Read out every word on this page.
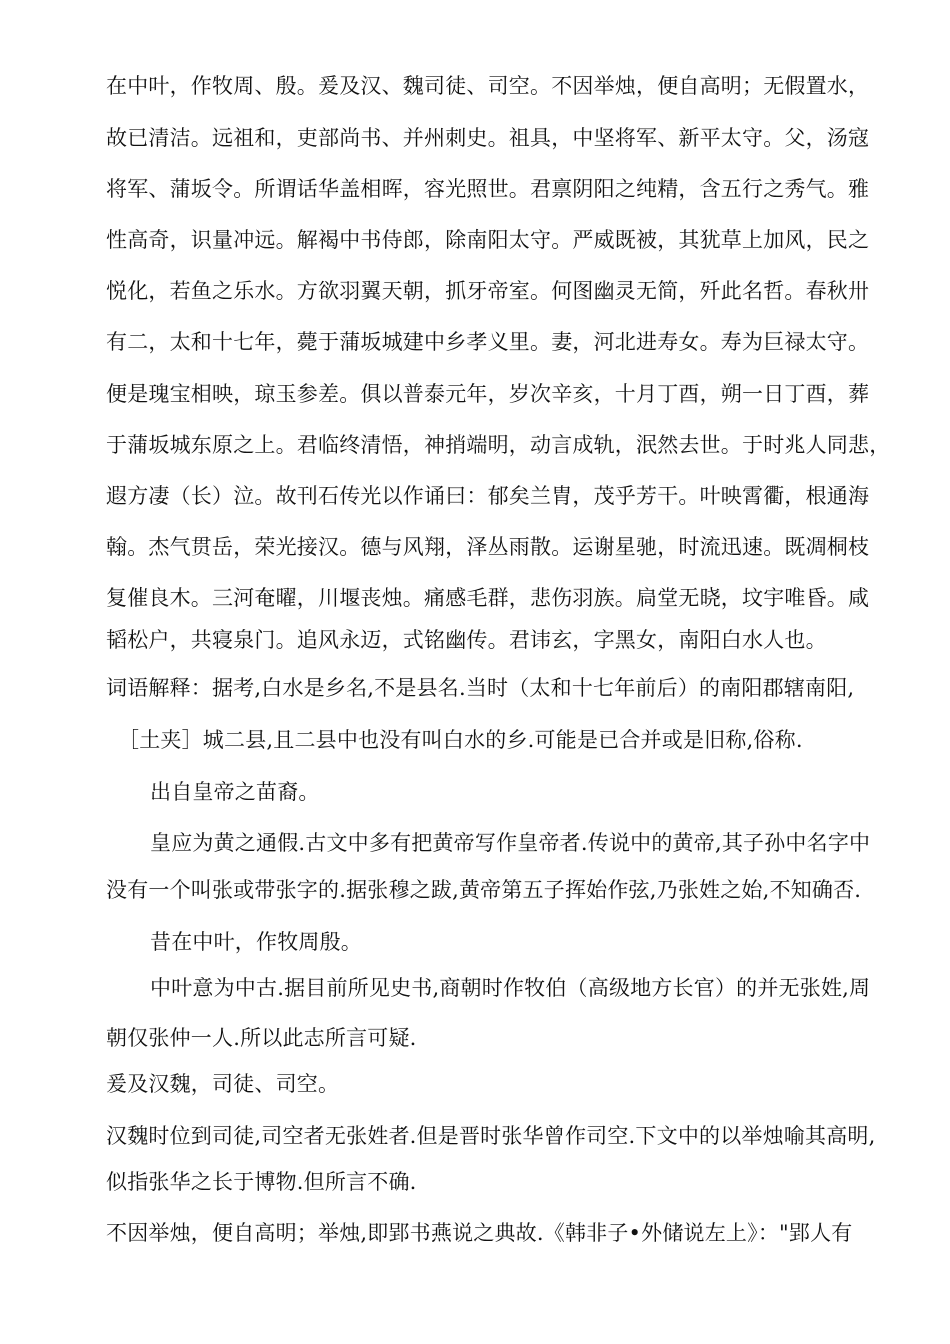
在中叶，作牧周、殷。爰及汉、魏司徒、司空。不因举烛，便自高明；无假置水，
故已清洁。远祖和，吏部尚书、并州刺史。祖具，中坚将军、新平太守。父，汤寇
将军、蒲坂令。所谓话华盖相晖，容光照世。君禀阴阳之纯精，含五行之秀气。雅
性高奇，识量冲远。解褐中书侍郎，除南阳太守。严威既被，其犹草上加风，民之
悦化，若鱼之乐水。方欲羽翼天朝，抓牙帝室。何图幽灵无简，歼此名哲。春秋卅
有二，太和十七年，薨于蒲坂城建中乡孝义里。妻，河北进寿女。寿为巨禄太守。
便是瑰宝相映，琼玉参差。俱以普泰元年，岁次辛亥，十月丁酉，朔一日丁酉，葬
于蒲坂城东原之上。君临终清悟，神捎端明，动言成轨，泯然去世。于时兆人同悲，
遐方凄（长）泣。故刊石传光以作诵曰：郁矣兰胄，茂乎芳干。叶映霄衢，根通海
翰。杰气贯岳，荣光接汉。德与风翔，泽丛雨散。运谢星驰，时流迅速。既凋桐枝
复催良木。三河奄曜，川堰丧烛。痛感毛群，悲伤羽族。扃堂无晓，坟宇唯昏。咸
韬松户，共寝泉门。追风永迈，式铭幽传。君讳玄，字黑女，南阳白水人也。
词语解释：据考,白水是乡名,不是县名.当时（太和十七年前后）的南阳郡辖南阳,
［土夹］城二县,且二县中也没有叫白水的乡.可能是已合并或是旧称,俗称.
出自皇帝之苗裔。
皇应为黄之通假.古文中多有把黄帝写作皇帝者.传说中的黄帝,其子孙中名字中
没有一个叫张或带张字的.据张穆之跋,黄帝第五子挥始作弦,乃张姓之始,不知确否.
昔在中叶，作牧周殷。
中叶意为中古.据目前所见史书,商朝时作牧伯（高级地方长官）的并无张姓,周
朝仅张仲一人.所以此志所言可疑.
爰及汉魏，司徒、司空。
汉魏时位到司徒,司空者无张姓者.但是晋时张华曾作司空.下文中的以举烛喻其高明,
似指张华之长于博物.但所言不确.
不因举烛，便自高明；举烛,即郢书燕说之典故.《韩非子•外储说左上》："郢人有
